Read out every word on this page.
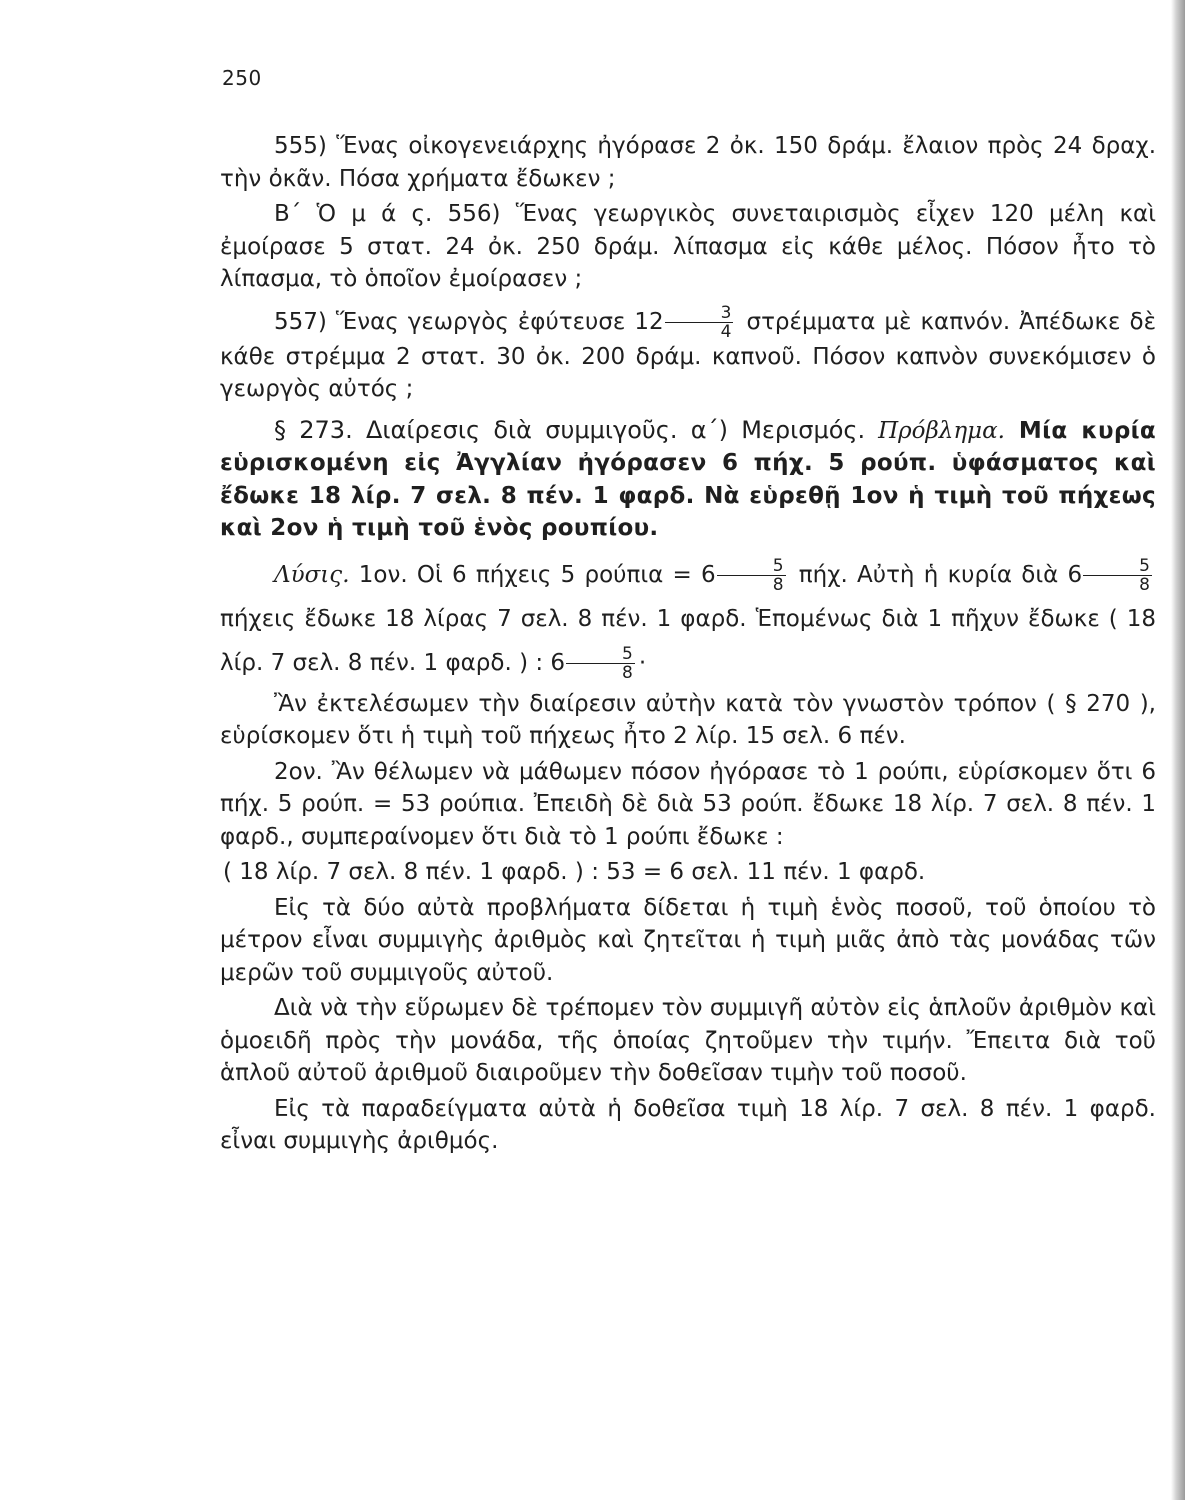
250

555) Ἕνας οἰκογενειάρχης ἠγόρασε 2 ὀκ. 150 δράμ. ἔλαιον πρὸς 24 δραχ. τὴν ὀκᾶν. Πόσα χρήματα ἔδωκεν ;

Β΄ Ὁ μ ά ς. 556) Ἕνας γεωργικὸς συνεταιρισμὸς εἶχεν 120 μέλη καὶ ἐμοίρασε 5 στατ. 24 ὀκ. 250 δράμ. λίπασμα εἰς κάθε μέλος. Πόσον ἦτο τὸ λίπασμα, τὸ ὁποῖον ἐμοίρασεν ;

557) Ἕνας γεωργὸς ἐφύτευσε $12 \frac{3}{4}$ στρέμματα μὲ καπνόν. Ἀπέδωκε δὲ κάθε στρέμμα 2 στατ. 30 ὀκ. 200 δράμ. καπνοῦ. Πόσον καπνὸν συνεκόμισεν ὁ γεωργὸς αὐτός ;

§ 273. Διαίρεσις διὰ συμμιγοῦς. α΄) Μερισμός. Πρόβλημα. Μία κυρία εὑρισκομένη εἰς Ἀγγλίαν ἠγόρασεν 6 πήχ. 5 ρούπ. ὑφάσματος καὶ ἔδωκε 18 λίρ. 7 σελ. 8 πέν. 1 φαρδ. Νὰ εὑρεθῇ 1ον ἡ τιμὴ τοῦ πήχεως καὶ 2ον ἡ τιμὴ τοῦ ἑνὸς ρουπίου.

Λύσις. 1ον. Οἱ 6 πήχεις 5 $\rho oύ\pi\iota\alpha = 6 \frac{5}{8} \pi ή\chi$. Αὐτὴ ἡ κυρία διὰ $6 \frac{5}{8}$
πήχεις ἔδωκε 18 λίρας 7 σελ. 8 πέν. 1 φαρδ. Ἑπομένως διὰ 1 πῆχυν ἔδωκε ( 18 λίρ. 7 σελ. 8 πέν. 1 φαρδ. ) : $6 \frac{5}{8}$ ·

Ἂν ἐκτελέσωμεν τὴν διαίρεσιν αὐτὴν κατὰ τὸν γνωστὸν τρόπον ( § 270 ), εὑρίσκομεν ὅτι ἡ τιμὴ τοῦ πήχεως ἦτο 2 λίρ. 15 σελ. 6 πέν.

2ον. Ἂν θέλωμεν νὰ μάθωμεν πόσον ἠγόρασε τὸ 1 ρούπι, εὑρίσκομεν ὅτι 6 πήχ. 5 ρούπ. = 53 ρούπια. Ἐπειδὴ δὲ διὰ 53 ρούπ. ἔδωκε 18 λίρ. 7 σελ. 8 πέν. 1 φαρδ., συμπεραίνομεν ὅτι διὰ τὸ 1 ρούπι ἔδωκε :

( 18 λίρ. 7 σελ. 8 πέν. 1 φαρδ. ) : 53 = 6 σελ. 11 πέν. 1 φαρδ.

Εἰς τὰ δύο αὐτὰ προβλήματα δίδεται ἡ τιμὴ ἑνὸς ποσοῦ, τοῦ ὁποίου τὸ μέτρον εἶναι συμμιγὴς ἀριθμὸς καὶ ζητεῖται ἡ τιμὴ μιᾶς ἀπὸ τὰς μονάδας τῶν μερῶν τοῦ συμμιγοῦς αὐτοῦ.

Διὰ νὰ τὴν εὕρωμεν δὲ τρέπομεν τὸν συμμιγῆ αὐτὸν εἰς ἁπλοῦν ἀριθμὸν καὶ ὁμοειδῆ πρὸς τὴν μονάδα, τῆς ὁποίας ζητοῦμεν τὴν τιμήν. Ἔπειτα διὰ τοῦ ἁπλοῦ αὐτοῦ ἀριθμοῦ διαιροῦμεν τὴν δοθεῖσαν τιμὴν τοῦ ποσοῦ.

Εἰς τὰ παραδείγματα αὐτὰ ἡ δοθεῖσα τιμὴ 18 λίρ. 7 σελ. 8 πέν. 1 φαρδ. εἶναι συμμιγὴς ἀριθμός.
